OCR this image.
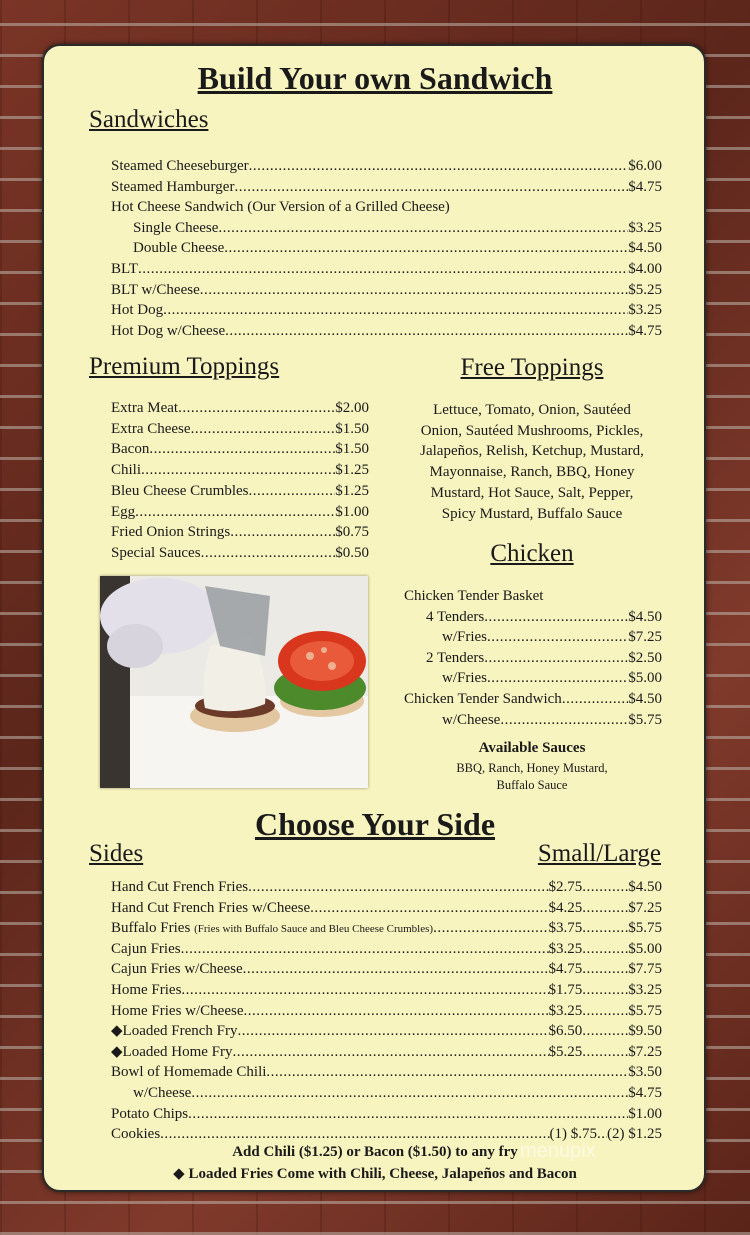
Build Your own Sandwich
Sandwiches
Steamed Cheeseburger .....	$6.00
Steamed Hamburger .....	$4.75
Hot Cheese Sandwich (Our Version of a Grilled Cheese)
Single Cheese .....	$3.25
Double Cheese .....	$4.50
BLT .....	$4.00
BLT w/Cheese .....	$5.25
Hot Dog .....	$3.25
Hot Dog w/Cheese .....	$4.75
Premium Toppings
Extra Meat .....	$2.00
Extra Cheese .....	$1.50
Bacon .....	$1.50
Chili .....	$1.25
Bleu Cheese Crumbles .....	$1.25
Egg .....	$1.00
Fried Onion Strings .....	$0.75
Special Sauces .....	$0.50
Free Toppings
Lettuce, Tomato, Onion, Sautéed
Onion, Sautéed Mushrooms, Pickles,
Jalapeños, Relish, Ketchup, Mustard,
Mayonnaise, Ranch, BBQ, Honey
Mustard, Hot Sauce, Salt, Pepper,
Spicy Mustard, Buffalo Sauce
Chicken
Chicken Tender Basket
4 Tenders .....	$4.50
w/Fries .....	$7.25
2 Tenders .....	$2.50
w/Fries .....	$5.00
Chicken Tender Sandwich .....	$4.50
w/Cheese .....	$5.75
Available Sauces
BBQ, Ranch, Honey Mustard,
Buffalo Sauce
Choose Your Side
Sides	Small/Large
Hand Cut French Fries .....	$2.75 .....	$4.50
Hand Cut French Fries w/Cheese .....	$4.25 .....	$7.25
Buffalo Fries (Fries with Buffalo Sauce and Bleu Cheese Crumbles) .....	$3.75 .....	$5.75
Cajun Fries .....	$3.25 .....	$5.00
Cajun Fries w/Cheese .....	$4.75 .....	$7.75
Home Fries .....	$1.75 .....	$3.25
Home Fries w/Cheese .....	$3.25 .....	$5.75
◆Loaded French Fry .....	$6.50 .....	$9.50
◆Loaded Home Fry .....	$5.25 .....	$7.25
Bowl of Homemade Chili .....	$3.50
w/Cheese .....	$4.75
Potato Chips .....	$1.00
Cookies .....	(1) $.75 ..... (2) $1.25
Add Chili ($1.25) or Bacon ($1.50) to any fry
◆ Loaded Fries Come with Chili, Cheese, Jalapeños and Bacon
menupix
